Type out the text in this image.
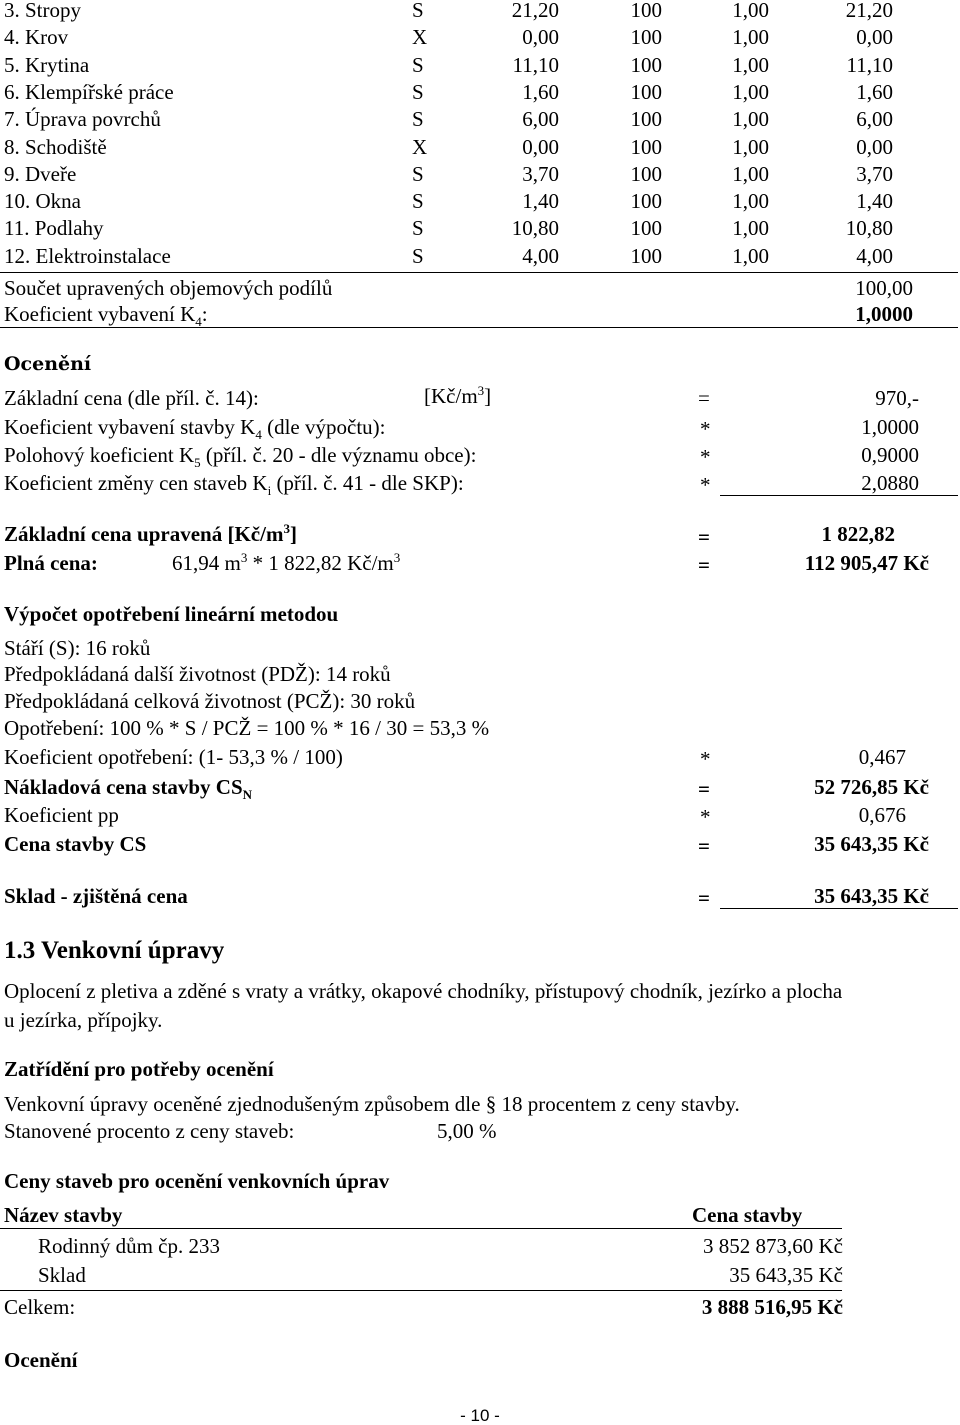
3. Stropy	S	21,20	100	1,00	21,20
4. Krov	X	0,00	100	1,00	0,00
5. Krytina	S	11,10	100	1,00	11,10
6. Klempířské práce	S	1,60	100	1,00	1,60
7. Úprava povrchů	S	6,00	100	1,00	6,00
8. Schodiště	X	0,00	100	1,00	0,00
9. Dveře	S	3,70	100	1,00	3,70
10. Okna	S	1,40	100	1,00	1,40
11. Podlahy	S	10,80	100	1,00	10,80
12. Elektroinstalace	S	4,00	100	1,00	4,00
Součet upravených objemových podílů	100,00
Koeficient vybavení $K_4$:	1,0000
Ocenění
Základní cena (dle příl. č. 14):	$[Kč/m^3]$	=	970,-
Koeficient vybavení stavby $K_4$ (dle výpočtu):	*	1,0000
Polohový koeficient $K_5$ (příl. č. 20 - dle významu obce):	*	0,9000
Koeficient změny cen staveb $K_i$ (příl. č. 41 - dle SKP):	*	2,0880
Základní cena upravená $[Kč/m^3]$	=	1 822,82
Plná cena:	61,94 $m^3 * 1$ 822,82 $Kč/m^3$	=	112 905,47 Kč
Výpočet opotřebení lineární metodou
Stáří (S): 16 roků
Předpokládaná další životnost (PDŽ): 14 roků
Předpokládaná celková životnost (PCŽ): 30 roků
Opotřebení: 100 % * S / PCŽ = 100 % * 16 / 30 = 53,3 %
Koeficient opotřebení: (1- 53,3 % / 100)	*	0,467
Nákladová cena stavby $CS_N$	=	52 726,85 Kč
Koeficient pp	*	0,676
Cena stavby CS	=	35 643,35 Kč
Sklad - zjištěná cena	=	35 643,35 Kč
1.3 Venkovní úpravy
Oplocení z pletiva a zděné s vraty a vrátky, okapové chodníky, přístupový chodník, jezírko a plocha
u jezírka, přípojky.
Zatřídění pro potřeby ocenění
Venkovní úpravy oceněné zjednodušeným způsobem dle § 18 procentem z ceny stavby.
Stanovené procento z ceny staveb:	5,00 %
Ceny staveb pro ocenění venkovních úprav
Název stavby	Cena stavby
Rodinný dům čp. 233	3 852 873,60 Kč
Sklad	35 643,35 Kč
Celkem:	3 888 516,95 Kč
Ocenění
- 10 -
